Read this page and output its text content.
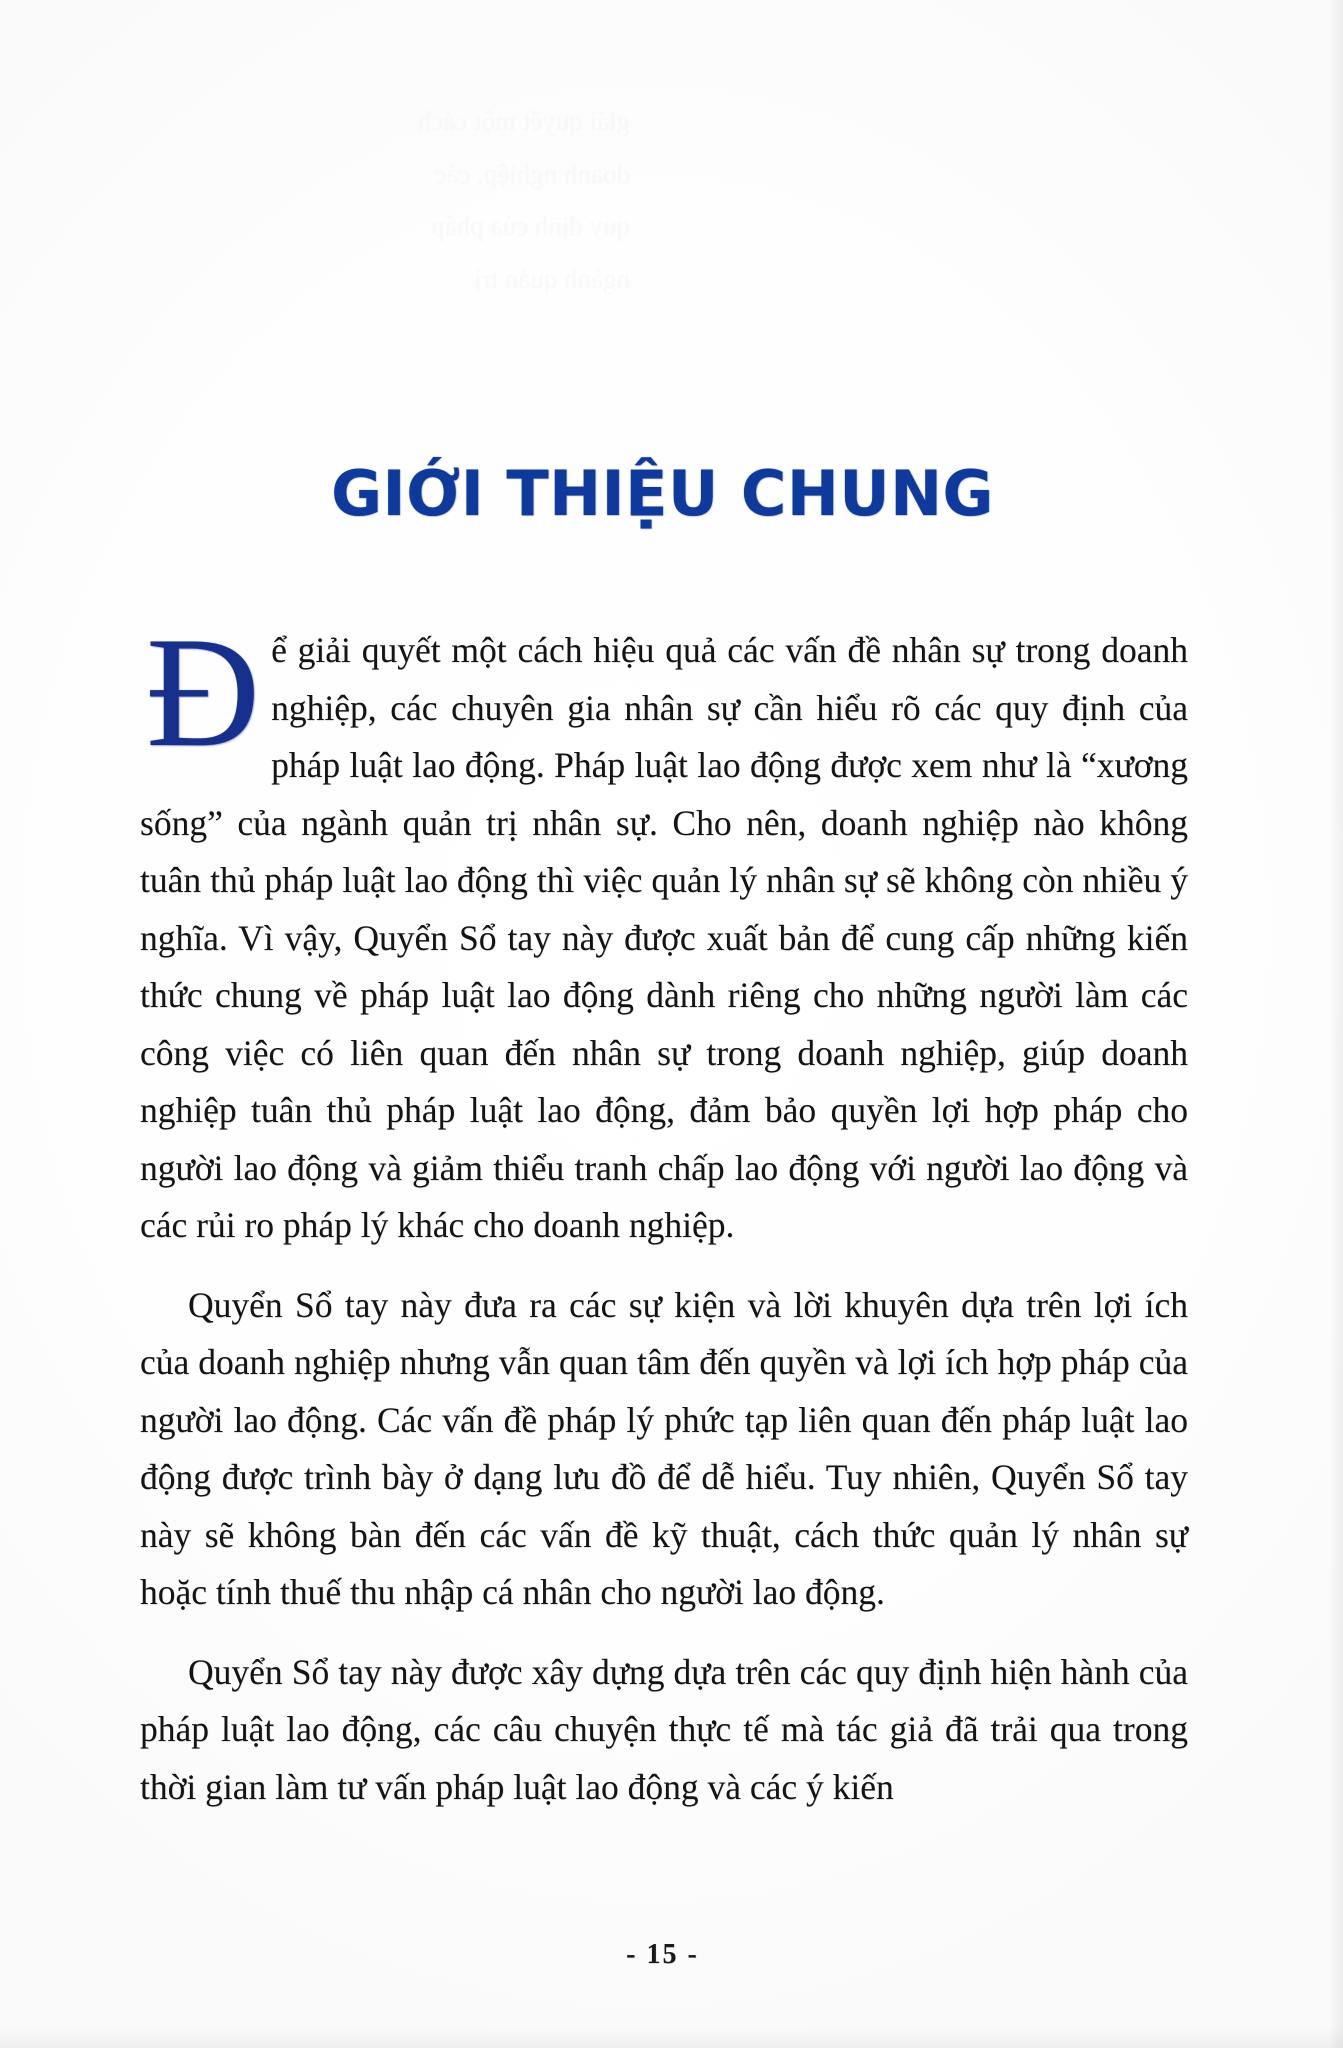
GIỚI THIỆU CHUNG

Để giải quyết một cách hiệu quả các vấn đề nhân sự trong doanh nghiệp, các chuyên gia nhân sự cần hiểu rõ các quy định của pháp luật lao động. Pháp luật lao động được xem như là “xương sống” của ngành quản trị nhân sự. Cho nên, doanh nghiệp nào không tuân thủ pháp luật lao động thì việc quản lý nhân sự sẽ không còn nhiều ý nghĩa. Vì vậy, Quyển Sổ tay này được xuất bản để cung cấp những kiến thức chung về pháp luật lao động dành riêng cho những người làm các công việc có liên quan đến nhân sự trong doanh nghiệp, giúp doanh nghiệp tuân thủ pháp luật lao động, đảm bảo quyền lợi hợp pháp cho người lao động và giảm thiểu tranh chấp lao động với người lao động và các rủi ro pháp lý khác cho doanh nghiệp.

Quyển Sổ tay này đưa ra các sự kiện và lời khuyên dựa trên lợi ích của doanh nghiệp nhưng vẫn quan tâm đến quyền và lợi ích hợp pháp của người lao động. Các vấn đề pháp lý phức tạp liên quan đến pháp luật lao động được trình bày ở dạng lưu đồ để dễ hiểu. Tuy nhiên, Quyển Sổ tay này sẽ không bàn đến các vấn đề kỹ thuật, cách thức quản lý nhân sự hoặc tính thuế thu nhập cá nhân cho người lao động.

Quyển Sổ tay này được xây dựng dựa trên các quy định hiện hành của pháp luật lao động, các câu chuyện thực tế mà tác giả đã trải qua trong thời gian làm tư vấn pháp luật lao động và các ý kiến

- 15 -
